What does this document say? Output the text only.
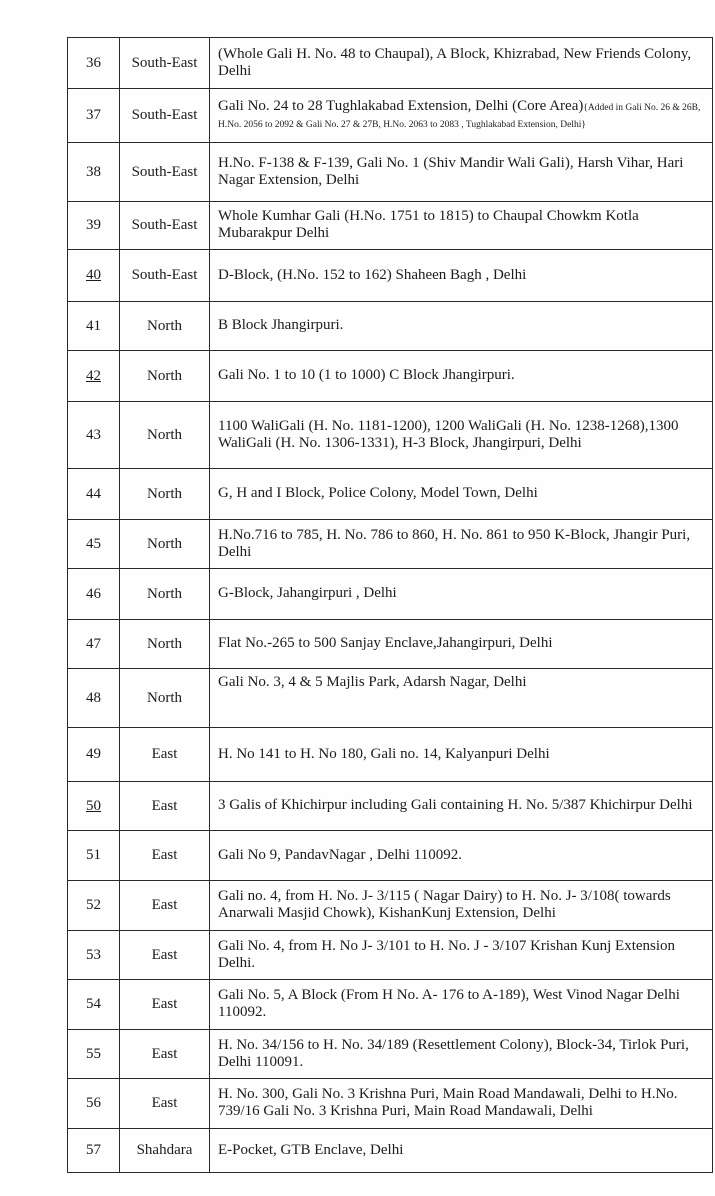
36	South-East	(Whole Gali H. No. 48 to Chaupal), A Block, Khizrabad, New Friends Colony, Delhi
37	South-East	Gali No. 24 to 28 Tughlakabad Extension, Delhi (Core Area){Added in Gali No. 26 & 26B, H.No. 2056 to 2092 & Gali No. 27 & 27B, H.No. 2063 to 2083 , Tughlakabad Extension, Delhi}
38	South-East	H.No. F-138 & F-139, Gali No. 1 (Shiv Mandir Wali Gali), Harsh Vihar, Hari Nagar Extension, Delhi
39	South-East	Whole Kumhar Gali (H.No. 1751 to 1815) to Chaupal Chowkm Kotla Mubarakpur Delhi
40	South-East	D-Block, (H.No. 152 to 162) Shaheen Bagh , Delhi
41	North	B Block Jhangirpuri.
42	North	Gali No. 1 to 10 (1 to 1000) C Block Jhangirpuri.
43	North	1100 WaliGali (H. No. 1181-1200), 1200 WaliGali (H. No. 1238-1268),1300 WaliGali (H. No. 1306-1331), H-3 Block, Jhangirpuri, Delhi
44	North	G, H and I Block, Police Colony, Model Town, Delhi
45	North	H.No.716 to 785, H. No. 786 to 860, H. No. 861 to 950 K-Block, Jhangir Puri, Delhi
46	North	G-Block, Jahangirpuri , Delhi
47	North	Flat No.-265 to 500 Sanjay Enclave,Jahangirpuri, Delhi
48	North	Gali No. 3, 4 & 5 Majlis Park, Adarsh Nagar, Delhi
49	East	H. No 141 to H. No 180, Gali no. 14, Kalyanpuri Delhi
50	East	3 Galis of Khichirpur including Gali containing H. No. 5/387 Khichirpur Delhi
51	East	Gali No 9, PandavNagar , Delhi 110092.
52	East	Gali no. 4, from H. No. J- 3/115 ( Nagar Dairy) to H. No. J- 3/108( towards Anarwali Masjid Chowk), KishanKunj Extension, Delhi
53	East	Gali No. 4, from H. No J- 3/101 to H. No. J - 3/107 Krishan Kunj Extension Delhi.
54	East	Gali No. 5, A Block (From H No. A- 176 to A-189), West Vinod Nagar Delhi 110092.
55	East	H. No. 34/156 to H. No. 34/189 (Resettlement Colony), Block-34, Tirlok Puri, Delhi 110091.
56	East	H. No. 300, Gali No. 3 Krishna Puri, Main Road Mandawali, Delhi to H.No. 739/16 Gali No. 3 Krishna Puri, Main Road Mandawali, Delhi
57	Shahdara	E-Pocket, GTB Enclave, Delhi
